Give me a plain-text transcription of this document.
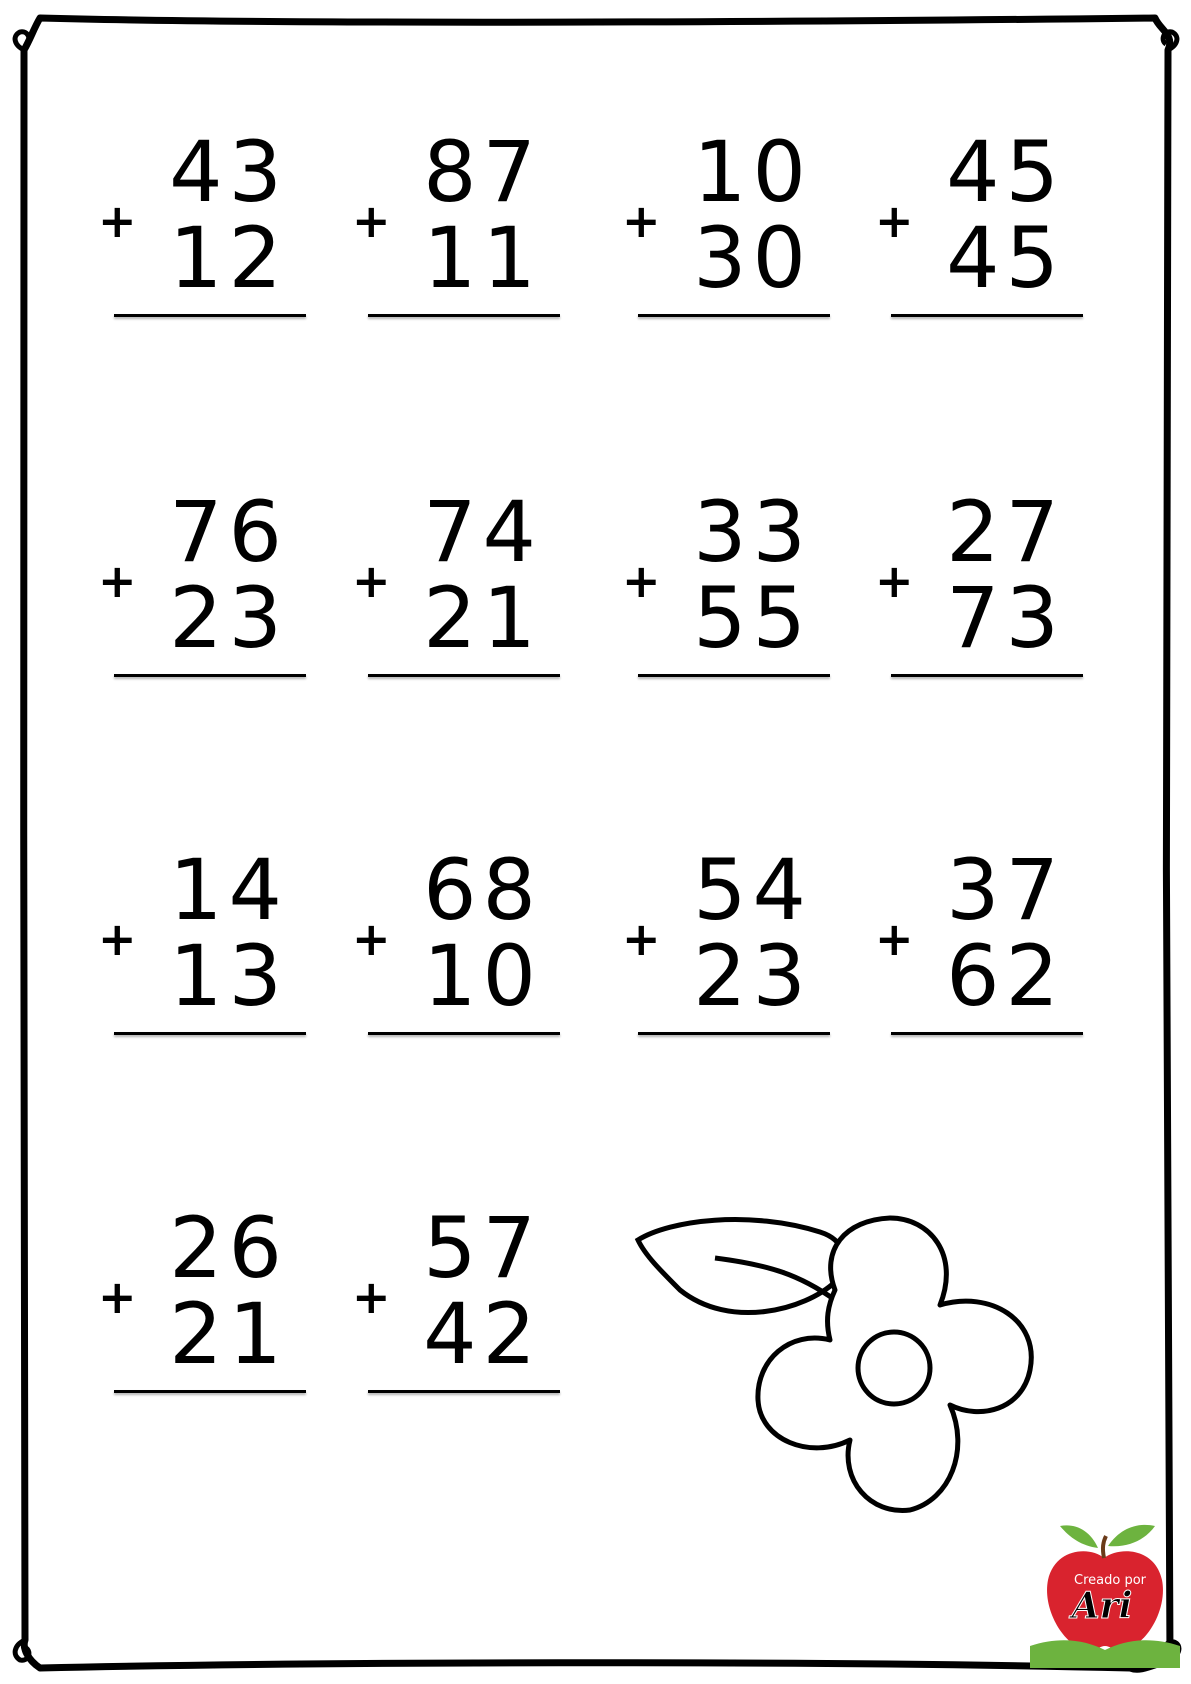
+ 43
12 + 87
11 + 10
30 + 45
45
+ 76
23 + 74
21 + 33
55 + 27
73
+ 14
13 + 68
10 + 54
23 + 37
62
+ 26
21 + 57
42
Creado por
Ari
